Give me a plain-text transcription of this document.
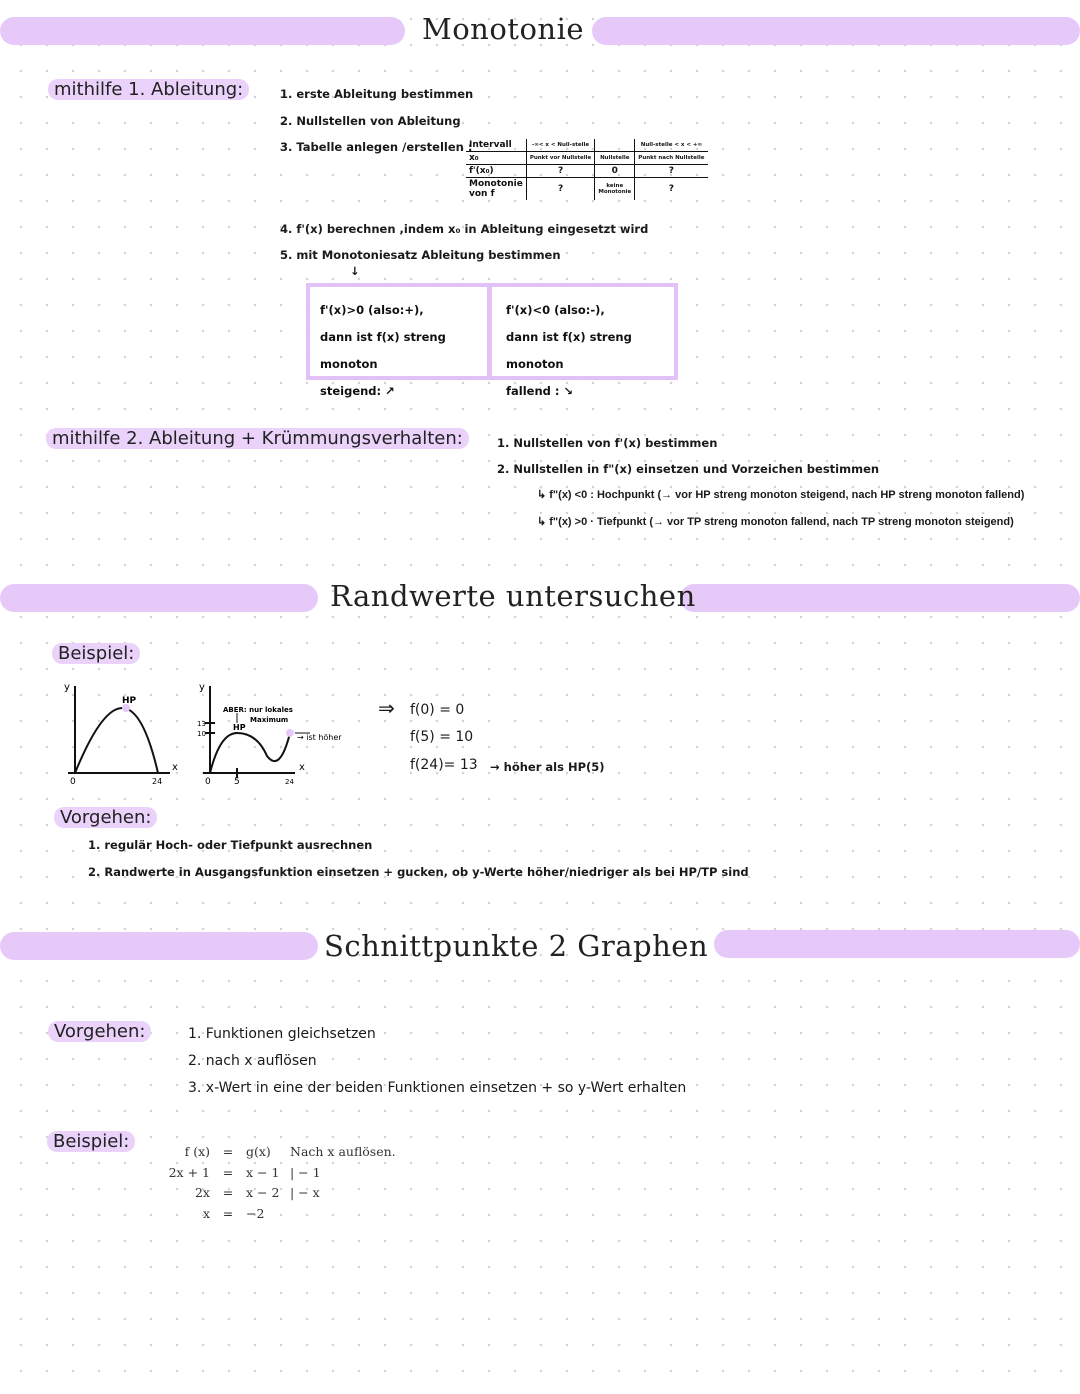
Monotonie
mithilfe 1. Ableitung:	1. erste Ableitung bestimmen
2. Nullstellen von Ableitung
3. Tabelle anlegen /erstellen :
Intervall	-∞< x < Null-stelle		Null-stelle < x < +∞

x₀	Punkt vor Nullstelle	Nullstelle	Punkt nach Nullstelle

f'(x₀)	?	0	?
Monotonie von f	?	keine Monotonie	?
4. f'(x) berechnen ,indem x₀ in Ableitung eingesetzt wird
5. mit Monotoniesatz Ableitung bestimmen
↓
f'(x)>0 (also:+),
dann ist f(x) streng monoton
steigend: ↗
f'(x)<0 (also:-),
dann ist f(x) streng monoton
fallend : ↘
mithilfe 2. Ableitung + Krümmungsverhalten:	1. Nullstellen von f'(x) bestimmen
2. Nullstellen in f"(x) einsetzen und Vorzeichen bestimmen
↳ f"(x) <0 : Hochpunkt (→ vor HP streng monoton steigend, nach HP streng monoton fallend)
↳ f"(x) >0 · Tiefpunkt (→ vor TP streng monoton fallend, nach TP streng monoton steigend)
Randwerte untersuchen
Beispiel:
y
x
HP
0	24
y
x
ABER: nur lokales
Maximum
HP
→ ist höher
10
13
0	5	24
⇒ f(0) = 0
f(5) = 10
f(24)= 13 → höher als HP(5)
Vorgehen:
1. regulär Hoch- oder Tiefpunkt ausrechnen
2. Randwerte in Ausgangsfunktion einsetzen + gucken, ob y-Werte höher/niedriger als bei HP/TP sind
Schnittpunkte 2 Graphen
Vorgehen:	1. Funktionen gleichsetzen
2. nach x auflösen
3. x-Wert in eine der beiden Funktionen einsetzen + so y-Wert erhalten
Beispiel:	f (x)	=	g(x)	Nach x auflösen.
2x + 1	=	x − 1 | − 1
2x	=	x − 2 | − x
x	=	−2
